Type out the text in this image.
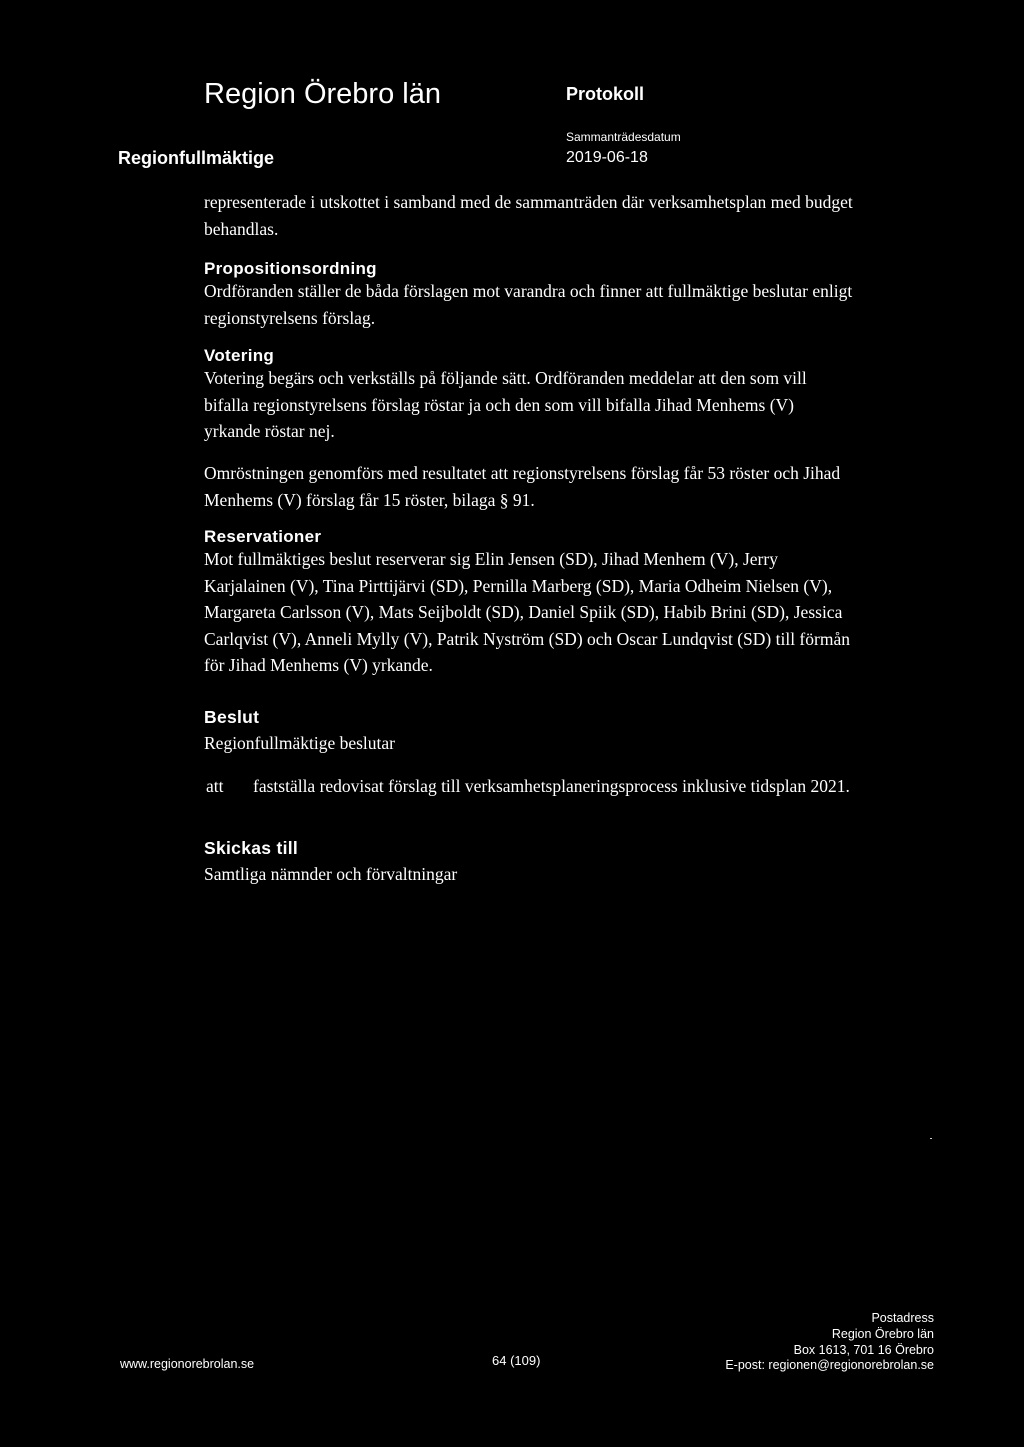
Region Örebro län	Protokoll
Regionfullmäktige
Sammanträdesdatum
2019-06-18
representerade i utskottet i samband med de sammanträden där verksamhetsplan med budget
behandlas.
Propositionsordning
Ordföranden ställer de båda förslagen mot varandra och finner att fullmäktige beslutar enligt
regionstyrelsens förslag.
Votering
Votering begärs och verkställs på följande sätt. Ordföranden meddelar att den som vill
bifalla regionstyrelsens förslag röstar ja och den som vill bifalla Jihad Menhems (V)
yrkande röstar nej.
Omröstningen genomförs med resultatet att regionstyrelsens förslag får 53 röster och Jihad
Menhems (V) förslag får 15 röster, bilaga § 91.
Reservationer
Mot fullmäktiges beslut reserverar sig Elin Jensen (SD), Jihad Menhem (V), Jerry
Karjalainen (V), Tina Pirttijärvi (SD), Pernilla Marberg (SD), Maria Odheim Nielsen (V),
Margareta Carlsson (V), Mats Seijboldt (SD), Daniel Spiik (SD), Habib Brini (SD), Jessica
Carlqvist (V), Anneli Mylly (V), Patrik Nyström (SD) och Oscar Lundqvist (SD) till förmån
för Jihad Menhems (V) yrkande.
Beslut
Regionfullmäktige beslutar
att fastställa redovisat förslag till verksamhetsplaneringsprocess inklusive tidsplan 2021.
Skickas till
Samtliga nämnder och förvaltningar
www.regionorebrolan.se	64 (109)
Postadress
Region Örebro län
Box 1613, 701 16 Örebro
E-post: regionen@regionorebrolan.se
